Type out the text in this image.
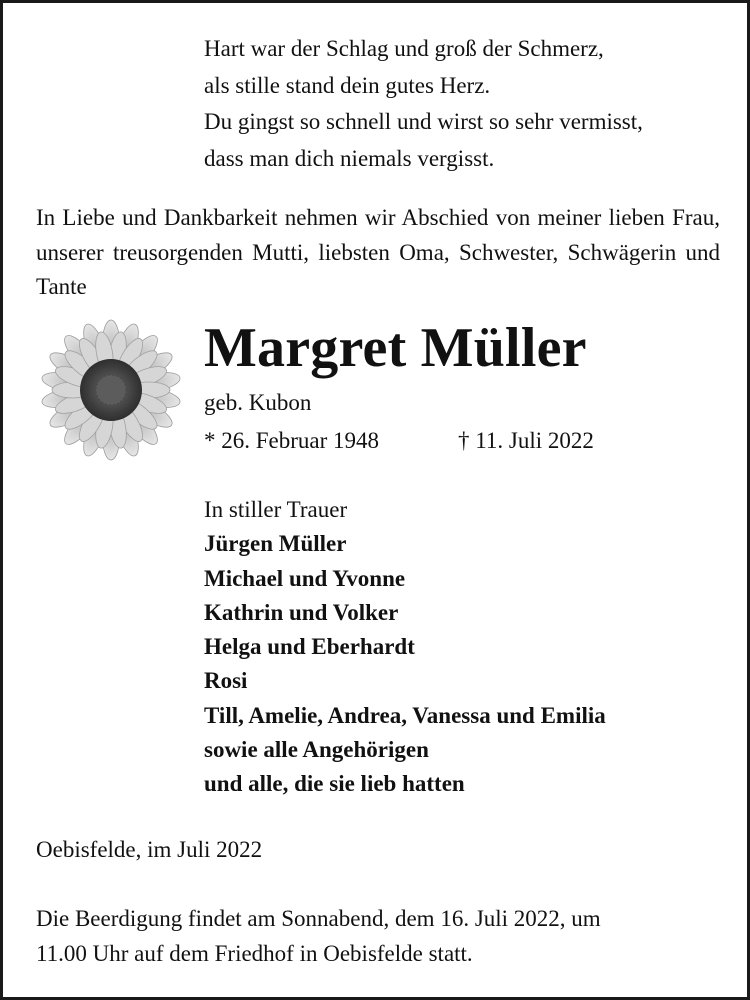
Hart war der Schlag und groß der Schmerz,
als stille stand dein gutes Herz.
Du gingst so schnell und wirst so sehr vermisst,
dass man dich niemals vergisst.
In Liebe und Dankbarkeit nehmen wir Abschied von meiner lieben Frau, unserer treusorgenden Mutti, liebsten Oma, Schwester, Schwägerin und Tante
Margret Müller
geb. Kubon
* 26. Februar 1948	† 11. Juli 2022
In stiller Trauer
Jürgen Müller
Michael und Yvonne
Kathrin und Volker
Helga und Eberhardt
Rosi
Till, Amelie, Andrea, Vanessa und Emilia
sowie alle Angehörigen
und alle, die sie lieb hatten
Oebisfelde, im Juli 2022
Die Beerdigung findet am Sonnabend, dem 16. Juli 2022, um
11.00 Uhr auf dem Friedhof in Oebisfelde statt.
